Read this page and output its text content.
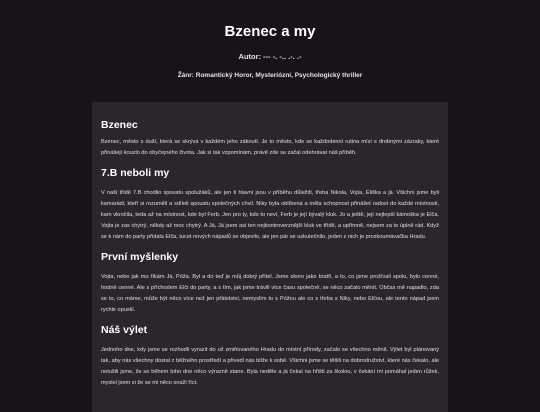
Bzenec a my
Autor: --- -. -.. .-. .-
Žánr: Romantický Horor, Mysteriózní, Psychologický thriller
Bzenec

Bzenec, město s duší, která se skrývá v každém jeho zákoutí. Je to město, kde se každodenní rutina mísí s drobnými zázraky, které přinášejí kouzlo do obyčejného života. Jak si tak vzpomínám, právě zde se začal odehrávat náš příběh.

7.B neboli my

V naší třídě 7.B chodilo spoustu spolužáků, ale jen ti hlavní jsou v příběhu důležití, třeba Nikola, Vojta, Eliška a já. Všichni jsme byli kamarádi, kteří si rozuměli a sdíleli spoustu společných chvil. Niky byla oblíbená a měla schopnost přinášet radost do každé místnosti, kam vkročila, teda až na místnost, kde byl Ferb. Jen pro ty, kdo to neví, Ferb je její bývalý kluk. Jo a ještě, její nejlepší kámoška je Elča. Vojta je zas chytrý, někdy až moc chytrý. A Já, Já jsem asi ten nejkontroverznější kluk ve třídě, a upřímně, nejsem za to úplně rád. Když se k nám do party přidala Elča, tucet nových nápadů se objevilo, ale jen pár se uskutečnilo, jeden z nich je prozkoumávačka Hradu.

První myšlenky

Vojta, nebo jak mu říkám Já, Póža. Byl a do teď je můj dobrý přítel. Jsme skoro jako bratři, a to, co jsme prožívali spolu, bylo cenné, hodně cenné. Ale s příchodem Elči do party, a s tím, jak jsme trávili více času společně, se něco začalo měnit. Občas mě napadlo, zda se to, co máme, může být něco více než jen přátelství, nemyslím to s Póžou ale co s třeba s Niky, nebo Elčou, ale tento nápad jsem rychle opustil.

Náš výlet

Jednoho dne, kdy jsme se rozhodli vyrazit do už zmiňovaného Hradu do místní přírody, začalo se všechno měnit. Výlet byl plánovaný tak, aby nás všechny dostal z běžného prostředí a přivedl nás blíže k sobě. Všichni jsme se těšili na dobrodružství, které nás čekalo, ale netušili jsme, že se během toho dne něco výrazně stane. Byla neděle a já čekal na hřišti za školou, v čekání mi pomáhal jeden růžek, myslel jsem si že se mi něco snaží říct.
